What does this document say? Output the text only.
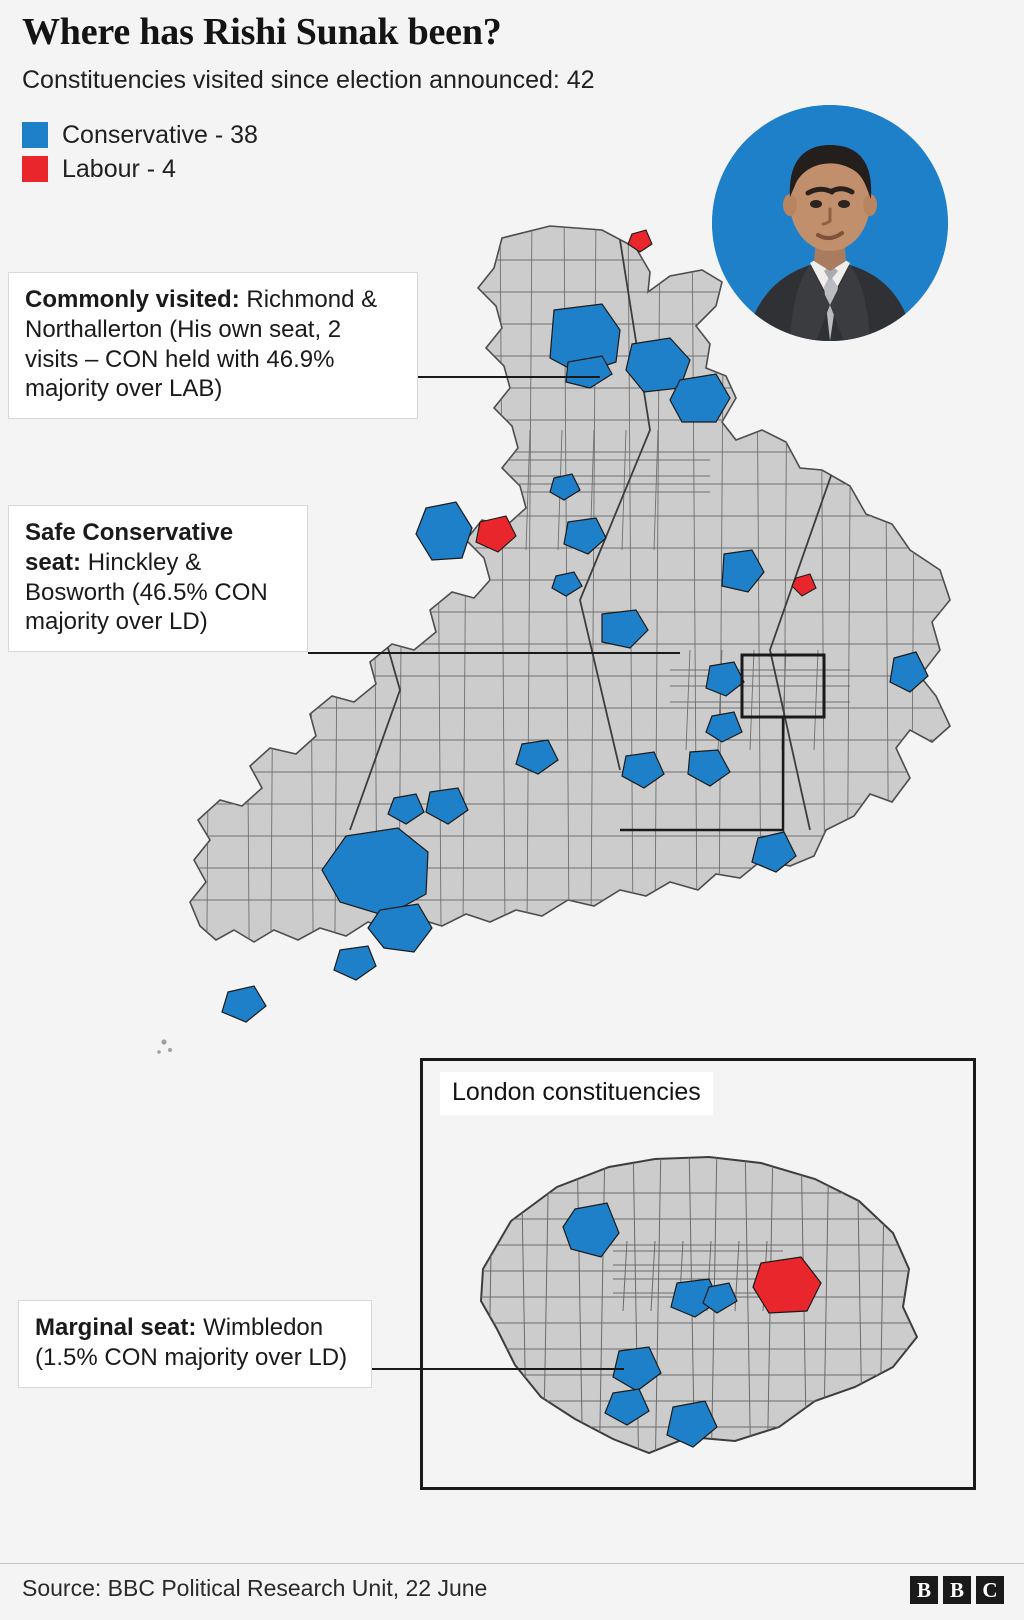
Where has Rishi Sunak been?
Constituencies visited since election announced: 42
Conservative - 38
Labour - 4
London constituencies
Commonly visited: Richmond & Northallerton (His own seat, 2 visits – CON held with 46.9% majority over LAB)
Safe Conservative seat: Hinckley & Bosworth (46.5% CON majority over LD)
Marginal seat: Wimbledon (1.5% CON majority over LD)
Source: BBC Political Research Unit, 22 June	B B C
